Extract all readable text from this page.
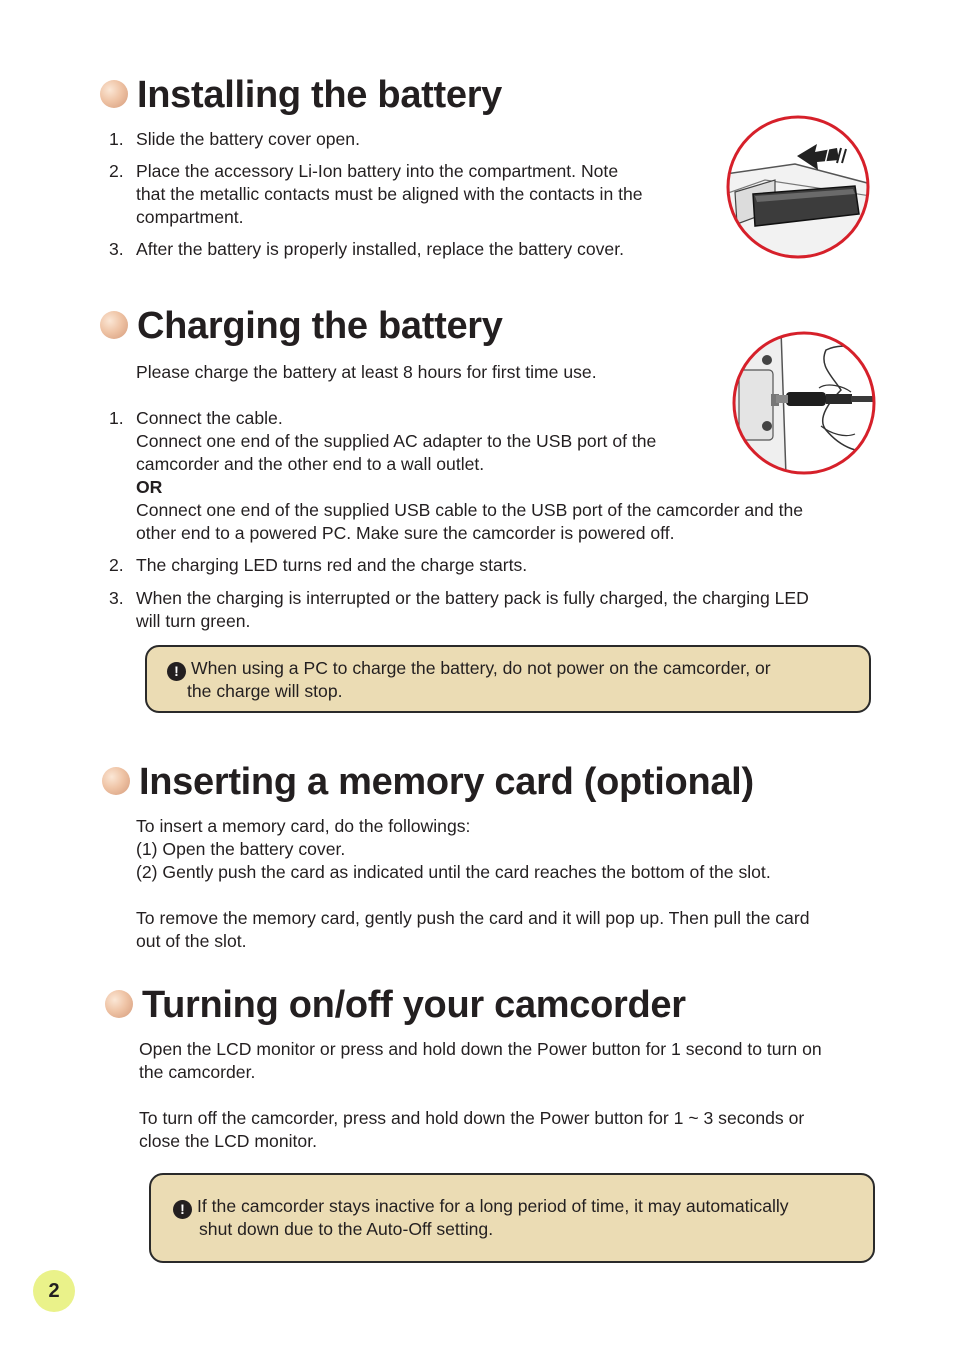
Installing the battery
1. Slide the battery cover open.
2. Place the accessory Li-Ion battery into the compartment. Note
that the metallic contacts must be aligned with the contacts in the
compartment.
3. After the battery is properly installed, replace the battery cover.
Charging the battery
Please charge the battery at least 8 hours for first time use.
1. Connect the cable.
Connect one end of the supplied AC adapter to the USB port of the
camcorder and the other end to a wall outlet.
OR
Connect one end of the supplied USB cable to the USB port of the camcorder and the
other end to a powered PC. Make sure the camcorder is powered off.
2. The charging LED turns red and the charge starts.
3. When the charging is interrupted or the battery pack is fully charged, the charging LED
will turn green.
! When using a PC to charge the battery, do not power on the camcorder, or
the charge will stop.
Inserting a memory card (optional)
To insert a memory card, do the followings:
(1) Open the battery cover.
(2) Gently push the card as indicated until the card reaches the bottom of the slot.
To remove the memory card, gently push the card and it will pop up. Then pull the card
out of the slot.
Turning on/off your camcorder
Open the LCD monitor or press and hold down the Power button for 1 second to turn on
the camcorder.
To turn off the camcorder, press and hold down the Power button for 1 ~ 3 seconds or
close the LCD monitor.
! If the camcorder stays inactive for a long period of time, it may automatically
shut down due to the Auto-Off setting.
2
